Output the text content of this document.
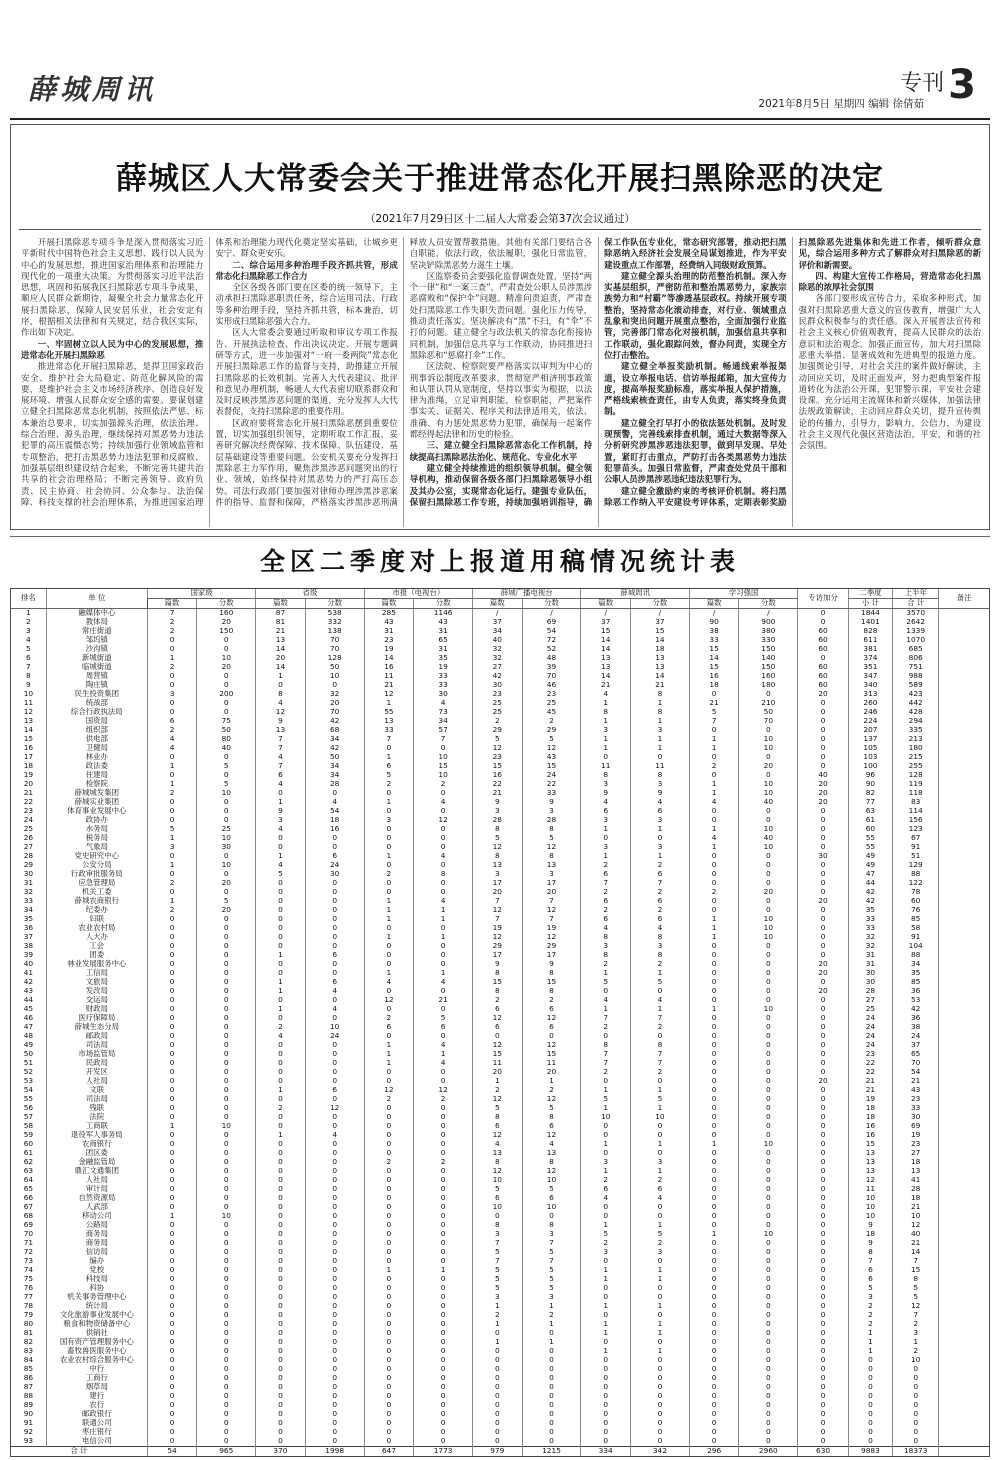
薛城周讯	专刊 3
2021年8月5日 星期四 编辑 徐倩茹
薛城区人大常委会关于推进常态化开展扫黑除恶的决定
（2021年7月29日区十二届人大常委会第37次会议通过）

开展扫黑除恶专项斗争是深入贯彻落实习近平新时代中国特色社会主义思想、践行以人民为中心的发展思想，推进国家治理体系和治理能力现代化的一项重大决策。为贯彻落实习近平法治思想，巩固和拓展我区扫黑除恶专项斗争成果，顺应人民群众新期待，凝聚全社会力量常态化开展扫黑除恶，保障人民安居乐业，社会安定有序，根据相关法律和有关规定，结合我区实际，作出如下决定。

一、牢固树立以人民为中心的发展思想，推进常态化开展扫黑除恶

推进常态化开展扫黑除恶，是捍卫国家政治安全、维护社会大局稳定、防范化解风险的需要，是维护社会主义市场经济秩序、创造良好发展环境、增强人民群众安全感的需要。要谋划建立健全扫黑除恶常态化机制，按照依法严惩、标本兼治总要求，切实加强源头治理，依法治理、综合治理、源头治理，继续保持对黑恶势力违法犯罪的高压震慑态势；持续加强行业领域监管和专项整治，把打击黑恶势力违法犯罪和反腐败、加强基层组织建设结合起来，不断完善共建共治共享的社会治理格局；不断完善领导、政府负责、民主协商、社会协同、公众参与、法治保障、科技支撑的社会治理体系，为推进国家治理体系和治理能力现代化奠定坚实基础，让城乡更安宁、群众更安乐。

二、综合运用多种治理手段齐抓共管，形成常态化扫黑除恶工作合力

全区各级各部门要在区委的统一领导下，主动承担扫黑除恶职责任务，综合运用司法、行政等多种治理手段，坚持齐抓共管，标本兼治，切实形成扫黑除恶强大合力。

区人大常委会要通过听取和审议专项工作报告、开展执法检查、作出决议决定、开展专题调研等方式，进一步加强对“一府一委两院”常态化开展扫黑除恶工作的监督与支持，助推建立开展扫黑除恶的长效机制。完善人大代表建议、批评和意见办理机制，畅通人大代表密切联系群众和及时反映涉黑涉恶问题的渠道，充分发挥人大代表督促，支持扫黑除恶的重要作用。

区政府要将常态化开展扫黑除恶摆到重要位置，切实加强组织领导，定期听取工作汇报，妥善研究解决经费保障、技术保障、队伍建设、基层基础建设等重要问题。公安机关要充分发挥扫黑除恶主力军作用，聚焦涉黑涉恶问题突出的行业、领域，始终保持对黑恶势力的严打高压态势。司法行政部门要加强对律师办理涉黑涉恶案件的指导、监督和保障，严格落实涉黑涉恶刑满释放人员安置帮教措施。其他有关部门要结合各自职能，依法行政，依法履职，强化日常监管，坚决铲除黑恶势力滋生土壤。

区监察委员会要强化监督调查处置，坚持“两个一律”和“一案三查”，严肃查处公职人员涉黑涉恶腐败和“保护伞”问题。精准问责追责，严肃查处扫黑除恶工作失职失责问题。强化压力传导，推动责任落实。坚决解决有“黑”不扫，有“伞”不打的问题。建立健全与政法机关的常态化衔接协同机制，加强信息共享与工作联动，协同推进扫黑除恶和“惩腐打伞”工作。

区法院、检察院要严格落实以审判为中心的刑事诉讼制度改革要求，贯彻宽严相济刑事政策和认罪认罚从宽制度，坚持以事实为根据，以法律为准绳，立足审判职能，检察职能，严把案件事实关、证据关、程序关和法律适用关，依法、准确、有力惩处黑恶势力犯罪，确保每一起案件都经得起法律和历史的检验。

三、建立健全扫黑除恶常态化工作机制，持续提高扫黑除恶法治化、规范化、专业化水平

建立健全持续推进的组织领导机制。健全领导机构，推动保留各级各部门扫黑除恶领导小组及其办公室，实现常态化运行。建强专业队伍，保留扫黑除恶工作专班，持续加强培训指导，确保工作队伍专业化，常态研究部署，推动把扫黑除恶纳入经济社会发展全局谋划推进，作为平安建设重点工作部署，经费纳入同级财政预算。

建立健全源头治理的防范整治机制。深入夯实基层组织，严密防范和整治黑恶势力，家族宗族势力和“村霸”等渗透基层政权。持续开展专项整治，坚持常态化滚动排查，对行业、领域重点乱象和突出问题开展重点整治，全面加强行业监管，完善部门常态化对接机制，加强信息共享和工作联动，强化跟踪问效，督办问责，实现全方位打击整治。

建立健全举报奖励机制。畅通线索举报渠道，设立举报电话、信访举报邮箱，加大宣传力度，提高举报奖励标准，落实举报人保护措施，严格线索核查责任，由专人负责，落实终身负责制。

建立健全打早打小的依法惩处机制。及时发现预警，完善线索排查机制，通过大数据等深入分析研究涉黑涉恶违法犯罪，做到早发现、早处置，紧盯打击重点，严防打击各类黑恶势力违法犯罪苗头。加强日常监督，严肃查处党员干部和公职人员涉黑涉恶违纪违法犯罪行为。

建立健全激励约束的考核评价机制。将扫黑除恶工作纳入平安建设考评体系，定期表彰奖励扫黑除恶先进集体和先进工作者，倾听群众意见，综合运用多种方式了解群众对扫黑除恶的新评价和新需要。

四、构建大宣传工作格局，营造常态化扫黑除恶的浓厚社会氛围

各部门要形成宣传合力，采取多种形式，加强对扫黑除恶重大意义的宣传教育，增强广大人民群众积极参与的责任感。深入开展普法宣传和社会主义核心价值观教育，提高人民群众的法治意识和法治观念。加强正面宣传，加大对扫黑除恶重大举措、显著成效和先进典型的报道力度。加强舆论引导，对社会关注的案件做好解读，主动回应关切，及时正面发声，努力把典型案件报道转化为法治公开课，犯罪警示课，平安社会建设课。充分运用主流媒体和新兴媒体，加强法律法规政策解读，主动回应群众关切，提升宣传舆论的传播力，引导力，影响力，公信力，为建设社会主义现代化强区营造法治，平安，和谐的社会氛围。

全区二季度对上报道用稿情况统计表
排名	单 位	国家级		省级		市报（电视台）		薛城广播电视台		薛城周讯		学习强国		专访加分	二季度	上半年	备注
		篇数	分数	篇数	分数	篇数	分数	篇数	分数	篇数	分数	篇数	分数		小 计	合 计	
1	融媒体中心	7	160	87	538	285	1146	/	/	/	/	/	/	0	1844	3570	
2	教体局	2	20	81	332	43	43	37	69	37	37	90	900	0	1401	2642	
3	常庄街道	2	150	21	138	31	31	34	54	15	15	38	380	60	828	1339	
4	邹坞镇	0	0	13	70	23	65	40	72	14	14	33	330	60	611	1070	
5	沙沟镇	0	0	14	70	19	31	32	52	14	18	15	150	60	381	685	
6	新城街道	1	10	20	128	14	35	32	48	13	13	14	140	0	374	806	
7	临城街道	2	20	14	50	16	19	27	39	13	13	15	150	60	351	751	
8	周营镇	0	0	1	10	11	33	42	70	14	14	16	160	60	347	988	
9	陶庄镇	0	0	0	0	21	33	30	46	21	21	18	180	60	340	589	
10	民生投资集团	3	200	8	32	12	30	23	23	4	8	0	0	20	313	423	
11	统战部	0	0	4	20	1	4	25	25	1	1	21	210	0	260	442	
12	综合行政执法局	0	0	12	70	55	73	25	45	8	8	5	50	0	246	428	
13	国资局	6	75	9	42	13	34	2	2	1	1	7	70	0	224	294	
14	组织部	2	50	13	68	33	57	29	29	3	3	0	0	0	207	335	
15	供电部	4	80	7	34	7	7	5	5	1	1	1	10	0	137	213	
16	卫健局	4	40	7	42	0	0	12	12	1	1	1	10	0	105	180	
17	林业办	0	0	4	50	1	10	23	43	0	0	0	0	0	103	215	
18	政法委	1	5	7	34	6	15	15	15	11	11	2	20	0	100	255	
19	住建局	0	0	6	34	5	10	16	24	8	8	0	0	40	96	128	
20	检察院	1	5	4	28	2	2	22	22	3	3	1	10	20	90	119	
21	薛城城发集团	2	10	0	0	0	0	21	33	9	9	1	10	20	82	118	
22	薛城实业集团	0	0	1	4	1	4	9	9	4	4	4	40	20	77	83	
23	体育事业发展中心	0	0	9	54	0	0	3	3	6	6	0	0	0	63	114	
24	政协办	0	0	3	18	3	12	28	28	3	3	0	0	0	61	156	
25	水务局	5	25	4	16	0	0	8	8	1	1	1	10	0	60	123	
26	税务局	1	10	0	0	0	0	5	5	0	0	4	40	0	55	67	
27	气象局	3	30	0	0	0	0	12	12	3	3	1	10	0	55	91	
28	党史研究中心	0	0	1	6	1	4	8	8	1	1	0	0	30	49	51	
29	公安分局	1	10	4	24	0	0	13	13	2	2	0	0	0	49	129	
30	行政审批服务局	0	0	5	30	2	8	3	3	6	6	0	0	0	47	88	
31	应急管理局	2	20	0	0	0	0	17	17	7	7	0	0	0	44	122	
32	机关工委	0	0	0	0	0	0	20	20	2	2	2	20	0	42	78	
33	薛城农商银行	1	5	0	0	1	4	7	7	6	6	0	0	20	42	60	
34	纪委办	2	20	0	0	1	1	12	12	2	2	0	0	0	35	76	
35	妇联	0	0	0	0	1	1	7	7	6	6	1	10	0	33	85	
36	农业农村局	0	0	0	0	0	0	19	19	4	4	1	10	0	33	58	
37	人大办	0	0	0	0	1	1	12	12	8	8	1	10	0	32	91	
38	工会	0	0	0	0	0	0	29	29	3	3	0	0	0	32	104	
39	团委	0	0	1	6	0	0	17	17	8	8	0	0	0	31	88	
40	林业发展服务中心	0	0	0	0	0	0	9	9	2	2	0	0	20	31	34	
41	工信局	0	0	0	0	1	1	8	8	1	1	0	0	20	30	35	
42	文旅局	0	0	1	6	4	4	15	15	5	5	0	0	0	30	85	
43	发改局	0	0	1	4	0	0	8	8	0	0	0	0	20	28	36	
44	交运局	0	0	0	0	12	21	2	2	4	4	0	0	0	27	53	
45	财政局	0	0	1	4	0	0	6	6	1	1	1	10	0	25	42	
46	医疗保障局	0	0	0	0	2	5	12	12	7	7	0	0	0	24	36	
47	薛城生态分局	0	0	2	10	6	6	6	6	2	2	0	0	0	24	38	
48	邮政局	0	0	4	24	0	0	0	0	0	0	0	0	0	24	24	
49	司法局	0	0	0	0	1	4	12	12	8	8	0	0	0	24	37	
50	市场监管局	0	0	0	0	1	1	15	15	7	7	0	0	0	23	65	
51	民政局	0	0	0	0	1	4	11	11	7	7	0	0	0	22	70	
52	开发区	0	0	0	0	0	0	20	20	2	2	0	0	0	22	54	
53	人社局	0	0	0	0	0	0	1	1	0	0	0	0	20	21	21	
54	文联	0	0	1	6	12	12	2	2	1	1	0	0	0	21	43	
55	司法局	0	0	0	0	2	2	12	12	5	5	0	0	0	19	23	
56	残联	0	0	2	12	0	0	5	5	1	1	0	0	0	18	33	
57	法院	0	0	0	0	0	0	8	8	10	10	0	0	0	18	30	
58	工商联	1	10	0	0	0	0	6	6	0	0	0	0	0	16	69	
59	退役军人事务局	0	0	1	4	0	0	12	12	0	0	0	0	0	16	19	
60	农商银行	0	0	0	0	0	0	4	4	1	1	1	10	0	15	23	
61	团区委	0	0	0	0	0	0	13	13	0	0	0	0	0	13	27	
62	金融监管局	0	0	0	0	2	2	8	8	3	3	0	0	0	13	18	
63	鼎汇文通集团	0	0	0	0	0	0	12	12	1	1	0	0	0	13	13	
64	人社局	0	0	0	0	0	0	10	10	2	2	0	0	0	12	41	
65	审计局	0	0	0	0	0	0	5	5	6	6	0	0	0	11	28	
66	自然资源局	0	0	0	0	0	0	6	6	4	4	0	0	0	10	18	
67	人武部	0	0	0	0	0	0	10	10	0	0	0	0	0	10	21	
68	移动公司	1	10	0	0	0	0	0	0	0	0	0	0	0	10	10	
69	公路局	0	0	0	0	0	0	8	8	1	1	0	0	0	9	12	
70	商务局	0	0	0	0	0	0	3	3	5	5	1	10	0	18	40	
71	商务局	0	0	0	0	0	0	7	7	2	2	0	0	0	9	21	
72	信访局	0	0	0	0	0	0	5	5	3	3	0	0	0	8	14	
73	编办	0	0	0	0	0	0	7	7	0	0	0	0	0	7	7	
74	党校	0	0	0	0	1	1	5	5	1	1	0	0	0	6	15	
75	科技局	0	0	0	0	0	0	5	5	1	1	0	0	0	6	8	
76	科协	0	0	0	0	0	0	5	5	0	0	0	0	0	5	5	
77	机关事务管理中心	0	0	0	0	0	0	3	3	0	0	0	0	0	3	5	
78	统计局	0	0	0	0	0	0	1	1	1	1	0	0	0	2	12	
79	文化旅游事业发展中心	0	0	0	0	0	0	2	2	0	0	0	0	0	2	7	
80	粮食和物资储备中心	0	0	0	0	0	0	1	1	1	1	0	0	0	2	2	
81	供销社	0	0	0	0	0	0	0	0	1	1	0	0	0	1	3	
82	国有资产管理服务中心	0	0	0	0	0	0	1	1	0	0	0	0	0	1	1	
83	畜牧兽医服务中心	0	0	0	0	0	0	0	0	1	1	0	0	0	1	2	
84	农业农村综合服务中心	0	0	0	0	0	0	0	0	0	0	0	0	0	0	10	
85	中行	0	0	0	0	0	0	0	0	0	0	0	0	0	0	0	
86	工商行	0	0	0	0	0	0	0	0	0	0	0	0	0	0	0	
87	烟草局	0	0	0	0	0	0	0	0	0	0	0	0	0	0	0	
88	建行	0	0	0	0	0	0	0	0	0	0	0	0	0	0	0	
89	农行	0	0	0	0	0	0	0	0	0	0	0	0	0	0	0	
90	邮政银行	0	0	0	0	0	0	0	0	0	0	0	0	0	0	0	
91	联通公司	0	0	0	0	0	0	0	0	0	0	0	0	0	0	0	
92	枣庄银行	0	0	0	0	0	0	0	0	0	0	0	0	0	0	0	
93	电信公司	0	0	0	0	0	0	0	0	0	0	0	0	0	0	0	
合 计		54	965	370	1998	647	1773	979	1215	334	342	296	2960	630	9883	18373	
